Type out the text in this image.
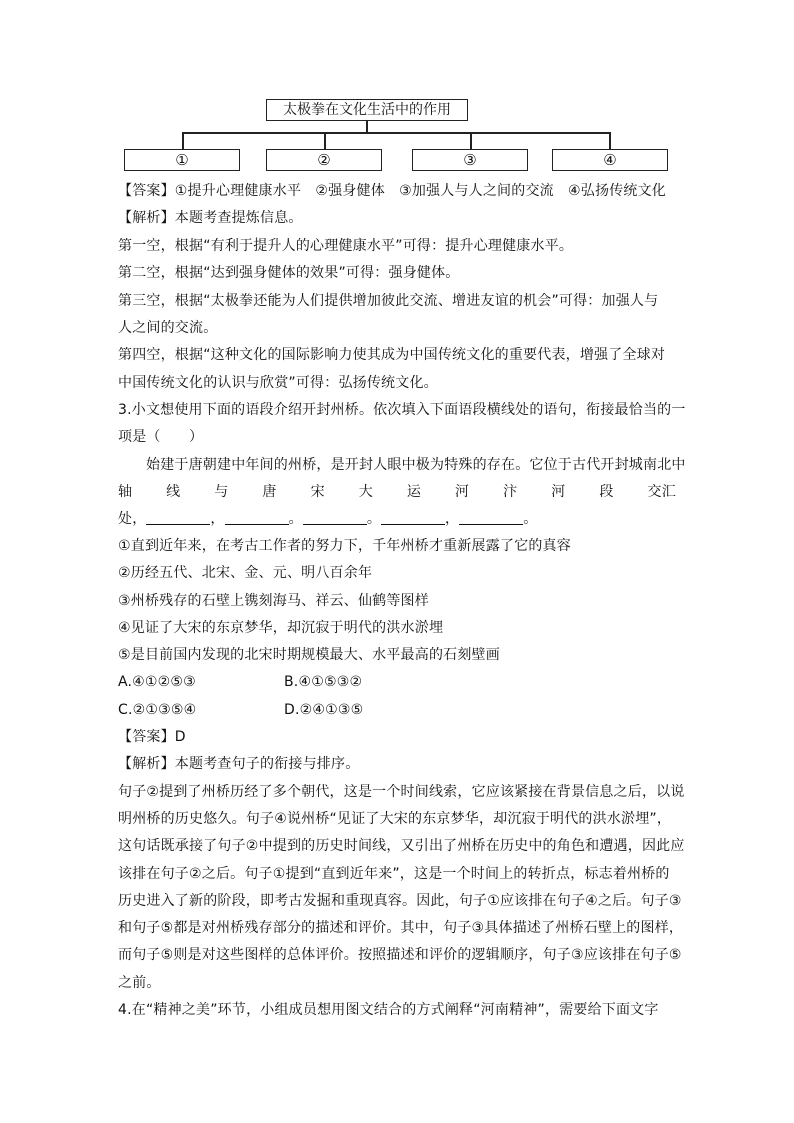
太极拳在文化生活中的作用
①	②	③	④
【答案】①提升心理健康水平　②强身健体　③加强人与人之间的交流　④弘扬传统文化
【解析】本题考查提炼信息。
第一空，根据“有利于提升人的心理健康水平”可得：提升心理健康水平。
第二空，根据“达到强身健体的效果”可得：强身健体。
第三空，根据“太极拳还能为人们提供增加彼此交流、增进友谊的机会”可得：加强人与
人之间的交流。
第四空，根据“这种文化的国际影响力使其成为中国传统文化的重要代表，增强了全球对
中国传统文化的认识与欣赏”可得：弘扬传统文化。
3.小文想使用下面的语段介绍开封州桥。依次填入下面语段横线处的语句，衔接最恰当的一
项是（　　）
始建于唐朝建中年间的州桥，是开封人眼中极为特殊的存在。它位于古代开封城南北中
轴 线 与 唐 宋 大 运 河 汴 河 段 交汇
处，	，	。	。	，	。
①直到近年来，在考古工作者的努力下，千年州桥才重新展露了它的真容
②历经五代、北宋、金、元、明八百余年
③州桥残存的石壁上镌刻海马、祥云、仙鹤等图样
④见证了大宋的东京梦华，却沉寂于明代的洪水淤埋
⑤是目前国内发现的北宋时期规模最大、水平最高的石刻壁画
A.④①②⑤③	B.④①⑤③②
C.②①③⑤④	D.②④①③⑤
【答案】D
【解析】本题考查句子的衔接与排序。
句子②提到了州桥历经了多个朝代，这是一个时间线索，它应该紧接在背景信息之后，以说
明州桥的历史悠久。句子④说州桥“见证了大宋的东京梦华，却沉寂于明代的洪水淤埋”，
这句话既承接了句子②中提到的历史时间线，又引出了州桥在历史中的角色和遭遇，因此应
该排在句子②之后。句子①提到“直到近年来”，这是一个时间上的转折点，标志着州桥的
历史进入了新的阶段，即考古发掘和重现真容。因此，句子①应该排在句子④之后。句子③
和句子⑤都是对州桥残存部分的描述和评价。其中，句子③具体描述了州桥石壁上的图样，
而句子⑤则是对这些图样的总体评价。按照描述和评价的逻辑顺序，句子③应该排在句子⑤
之前。
4.在“精神之美”环节，小组成员想用图文结合的方式阐释“河南精神”，需要给下面文字
